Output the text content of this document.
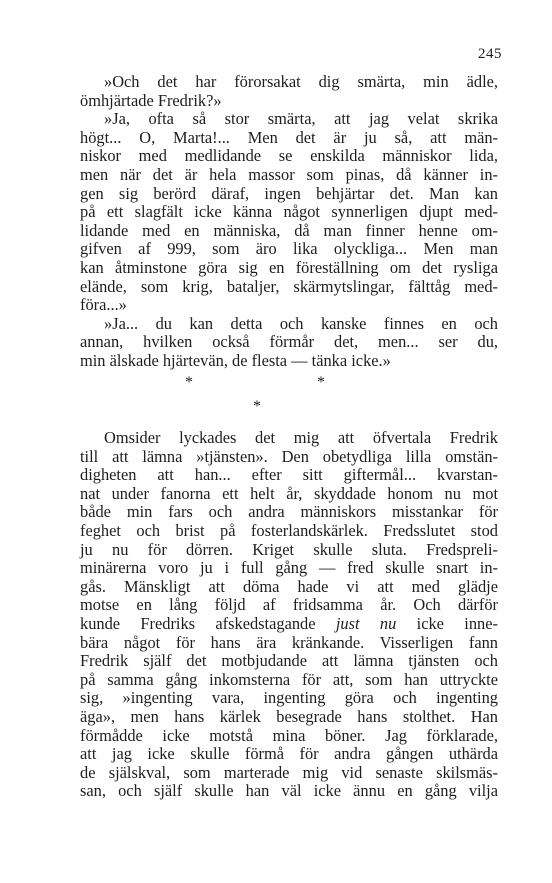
245
»Och det har förorsakat dig smärta, min ädle,
ömhjärtade Fredrik?»
»Ja, ofta så stor smärta, att jag velat skrika
högt... O, Marta!... Men det är ju så, att män-
niskor med medlidande se enskilda människor lida,
men när det är hela massor som pinas, då känner in-
gen sig berörd däraf, ingen behjärtar det. Man kan
på ett slagfält icke känna något synnerligen djupt med-
lidande med en människa, då man finner henne om-
gifven af 999, som äro lika olyckliga... Men man
kan åtminstone göra sig en föreställning om det rysliga
elände, som krig, bataljer, skärmytslingar, fälttåg med-
föra...»
»Ja... du kan detta och kanske finnes en och
annan, hvilken också förmår det, men... ser du,
min älskade hjärtevän, de flesta — tänka icke.»
*	*
*
Omsider lyckades det mig att öfvertala Fredrik
till att lämna »tjänsten». Den obetydliga lilla omstän-
digheten att han... efter sitt giftermål... kvarstan-
nat under fanorna ett helt år, skyddade honom nu mot
både min fars och andra människors misstankar för
feghet och brist på fosterlandskärlek. Fredsslutet stod
ju nu för dörren. Kriget skulle sluta. Fredspreli-
minärerna voro ju i full gång — fred skulle snart in-
gås. Mänskligt att döma hade vi att med glädje
motse en lång följd af fridsamma år. Och därför
kunde Fredriks afskedstagande just nu icke inne-
bära något för hans ära kränkande. Visserligen fann
Fredrik själf det motbjudande att lämna tjänsten och
på samma gång inkomsterna för att, som han uttryckte
sig, »ingenting vara, ingenting göra och ingenting
äga», men hans kärlek besegrade hans stolthet. Han
förmådde icke motstå mina böner. Jag förklarade,
att jag icke skulle förmå för andra gången uthärda
de själskval, som marterade mig vid senaste skilsmäs-
san, och själf skulle han väl icke ännu en gång vilja
